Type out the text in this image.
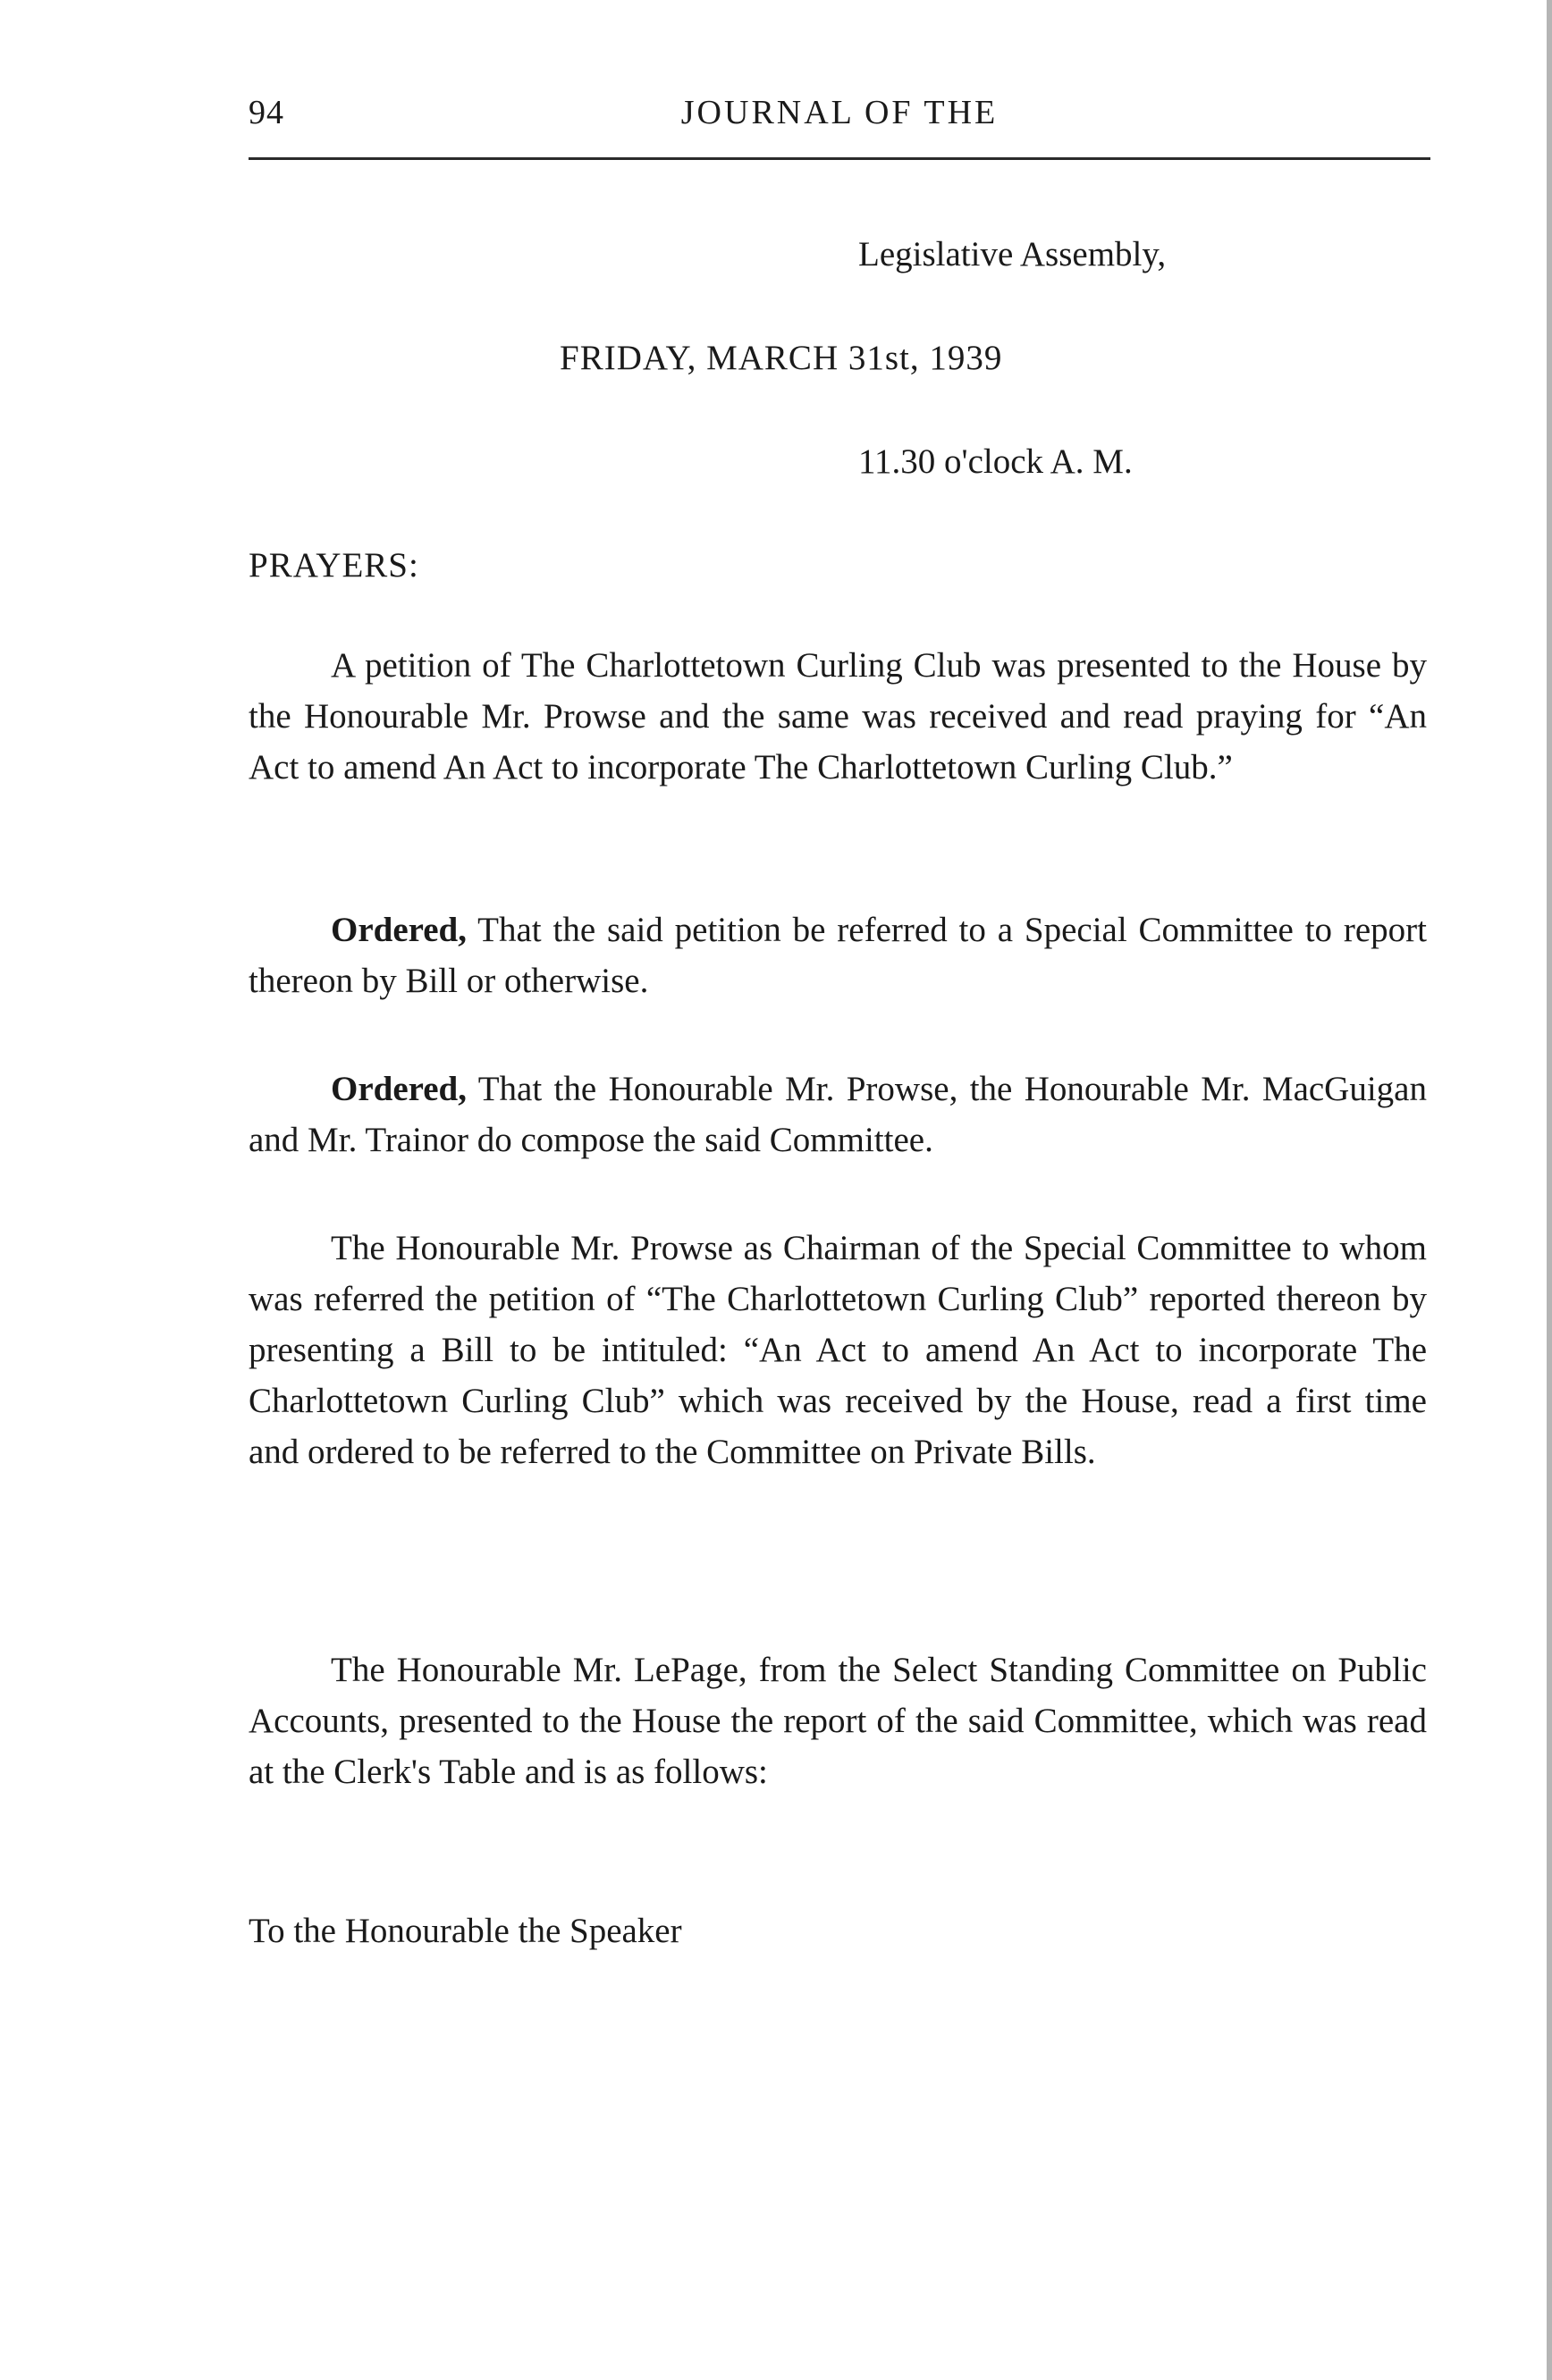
94	JOURNAL OF THE
Legislative Assembly,
FRIDAY, MARCH 31st, 1939
11.30 o'clock A. M.
PRAYERS:

A petition of The Charlottetown Curling Club was presented to the House by the Honourable Mr. Prowse and the same was received and read praying for “An Act to amend An Act to incorporate The Charlottetown Curling Club.”

Ordered, That the said petition be referred to a Special Committee to report thereon by Bill or otherwise.

Ordered, That the Honourable Mr. Prowse, the Honourable Mr. MacGuigan and Mr. Trainor do compose the said Committee.

The Honourable Mr. Prowse as Chairman of the Special Committee to whom was referred the petition of “The Charlottetown Curling Club” reported thereon by presenting a Bill to be intituled: “An Act to amend An Act to incorporate The Charlottetown Curling Club” which was received by the House, read a first time and ordered to be referred to the Committee on Private Bills.

The Honourable Mr. LePage, from the Select Standing Committee on Public Accounts, presented to the House the report of the said Committee, which was read at the Clerk's Table and is as follows:

To the Honourable the Speaker
